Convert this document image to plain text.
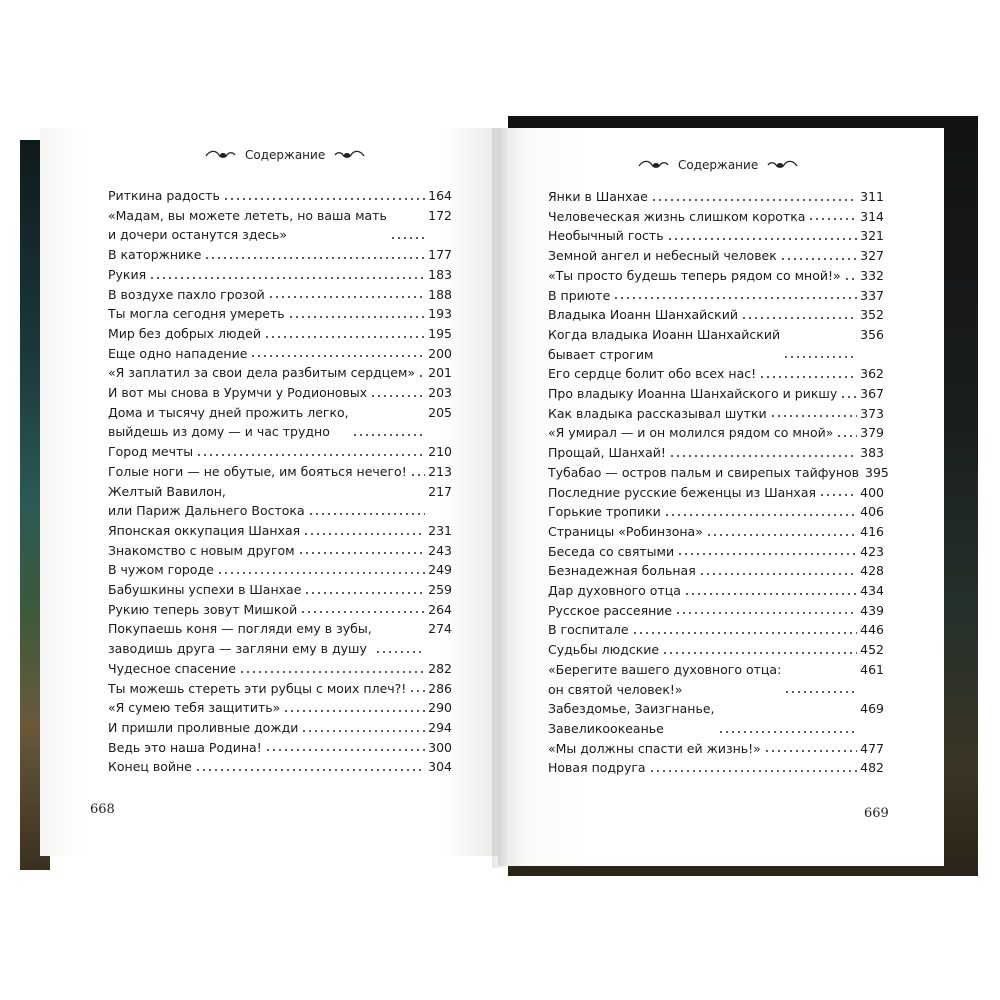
Содержание
Риткина радость	164
«Мадам, вы можете лететь, но ваша мать
и дочери останутся здесь»
172
В каторжнике	177
Рукия	183
В воздухе пахло грозой	188
Ты могла сегодня умереть	193
Мир без добрых людей	195
Еще одно нападение	200
«Я заплатил за свои дела разбитым сердцем» 201
И вот мы снова в Урумчи у Родионовых	203
Дома и тысячу дней прожить легко,
выйдешь из дому — и час трудно
205
Город мечты	210
Голые ноги — не обутые, им бояться нечего! 213
Желтый Вавилон,
или Париж Дальнего Востока
217
Японская оккупация Шанхая	231
Знакомство с новым другом	243
В чужом городе	249
Бабушкины успехи в Шанхае	259
Рукию теперь зовут Мишкой	264
Покупаешь коня — погляди ему в зубы,
заводишь друга — загляни ему в душу
274
Чудесное спасение	282
Ты можешь стереть эти рубцы с моих плеч?! 286
«Я сумею тебя защитить»	290
И пришли проливные дожди	294
Ведь это наша Родина!	300
Конец войне	304
668
Содержание
Янки в Шанхае	311
Человеческая жизнь слишком коротка	314
Необычный гость	321
Земной ангел и небесный человек	327
«Ты просто будешь теперь рядом со мной!» 332
В приюте	337
Владыка Иоанн Шанхайский	352
Когда владыка Иоанн Шанхайский
бывает строгим
356
Его сердце болит обо всех нас!	362
Про владыку Иоанна Шанхайского и рикшу 367
Как владыка рассказывал шутки	373
«Я умирал — и он молился рядом со мной» 379
Прощай, Шанхай!	383
Тубабао — остров пальм и свирепых тайфунов 395
Последние русские беженцы из Шанхая	400
Горькие тропики	406
Страницы «Робинзона»	416
Беседа со святыми	423
Безнадежная больная	428
Дар духовного отца	434
Русское рассеяние	439
В госпитале	446
Судьбы людские	452
«Берегите вашего духовного отца:
он святой человек!»
461
Забездомье, Заизгнанье,
Завеликоокеанье
469
«Мы должны спасти ей жизнь!»	477
Новая подруга	482
669
